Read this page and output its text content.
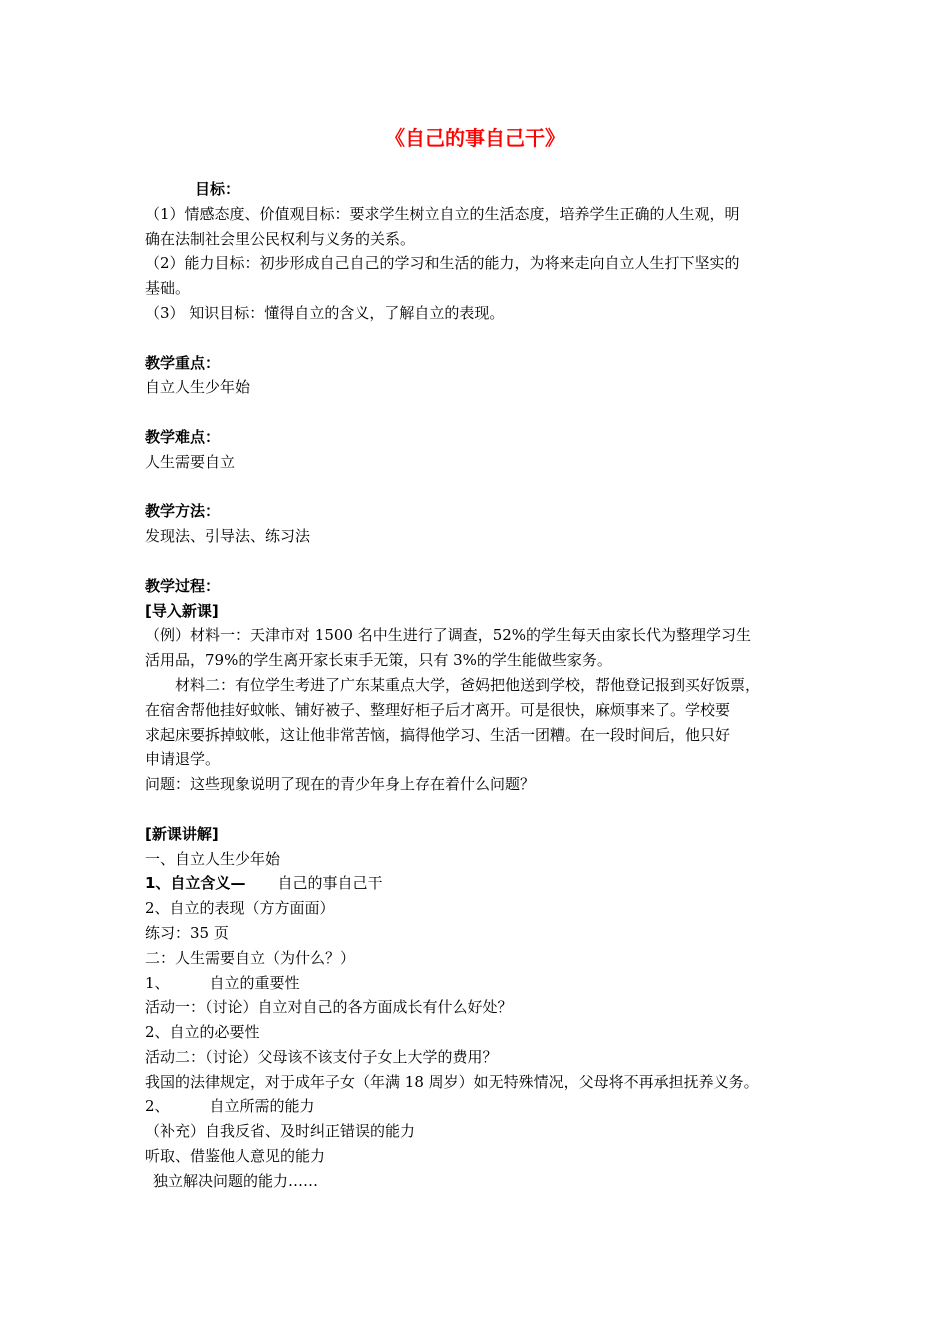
《自己的事自己干》
目标：
（1）情感态度、价值观目标：要求学生树立自立的生活态度，培养学生正确的人生观，明
确在法制社会里公民权利与义务的关系。
（2）能力目标：初步形成自己自己的学习和生活的能力，为将来走向自立人生打下坚实的
基础。
（3） 知识目标：懂得自立的含义，了解自立的表现。
教学重点：
自立人生少年始
教学难点：
人生需要自立
教学方法：
发现法、引导法、练习法
教学过程：
[导入新课]
（例）材料一：天津市对 1500 名中生进行了调查，52%的学生每天由家长代为整理学习生
活用品，79%的学生离开家长束手无策，只有 3%的学生能做些家务。
材料二：有位学生考进了广东某重点大学，爸妈把他送到学校，帮他登记报到买好饭票，
在宿舍帮他挂好蚊帐、铺好被子、整理好柜子后才离开。可是很快，麻烦事来了。学校要
求起床要拆掉蚊帐，这让他非常苦恼，搞得他学习、生活一团糟。在一段时间后，他只好
申请退学。
问题：这些现象说明了现在的青少年身上存在着什么问题？
[新课讲解]
一、自立人生少年始
1、自立含义— 自己的事自己干
2、自立的表现（方方面面）
练习：35 页
二：人生需要自立（为什么？）
1、	自立的重要性
活动一：（讨论）自立对自己的各方面成长有什么好处？
2、自立的必要性
活动二：（讨论）父母该不该支付子女上大学的费用？
我国的法律规定，对于成年子女（年满 18 周岁）如无特殊情况，父母将不再承担抚养义务。
2、	自立所需的能力
（补充）自我反省、及时纠正错误的能力
听取、借鉴他人意见的能力
独立解决问题的能力……
